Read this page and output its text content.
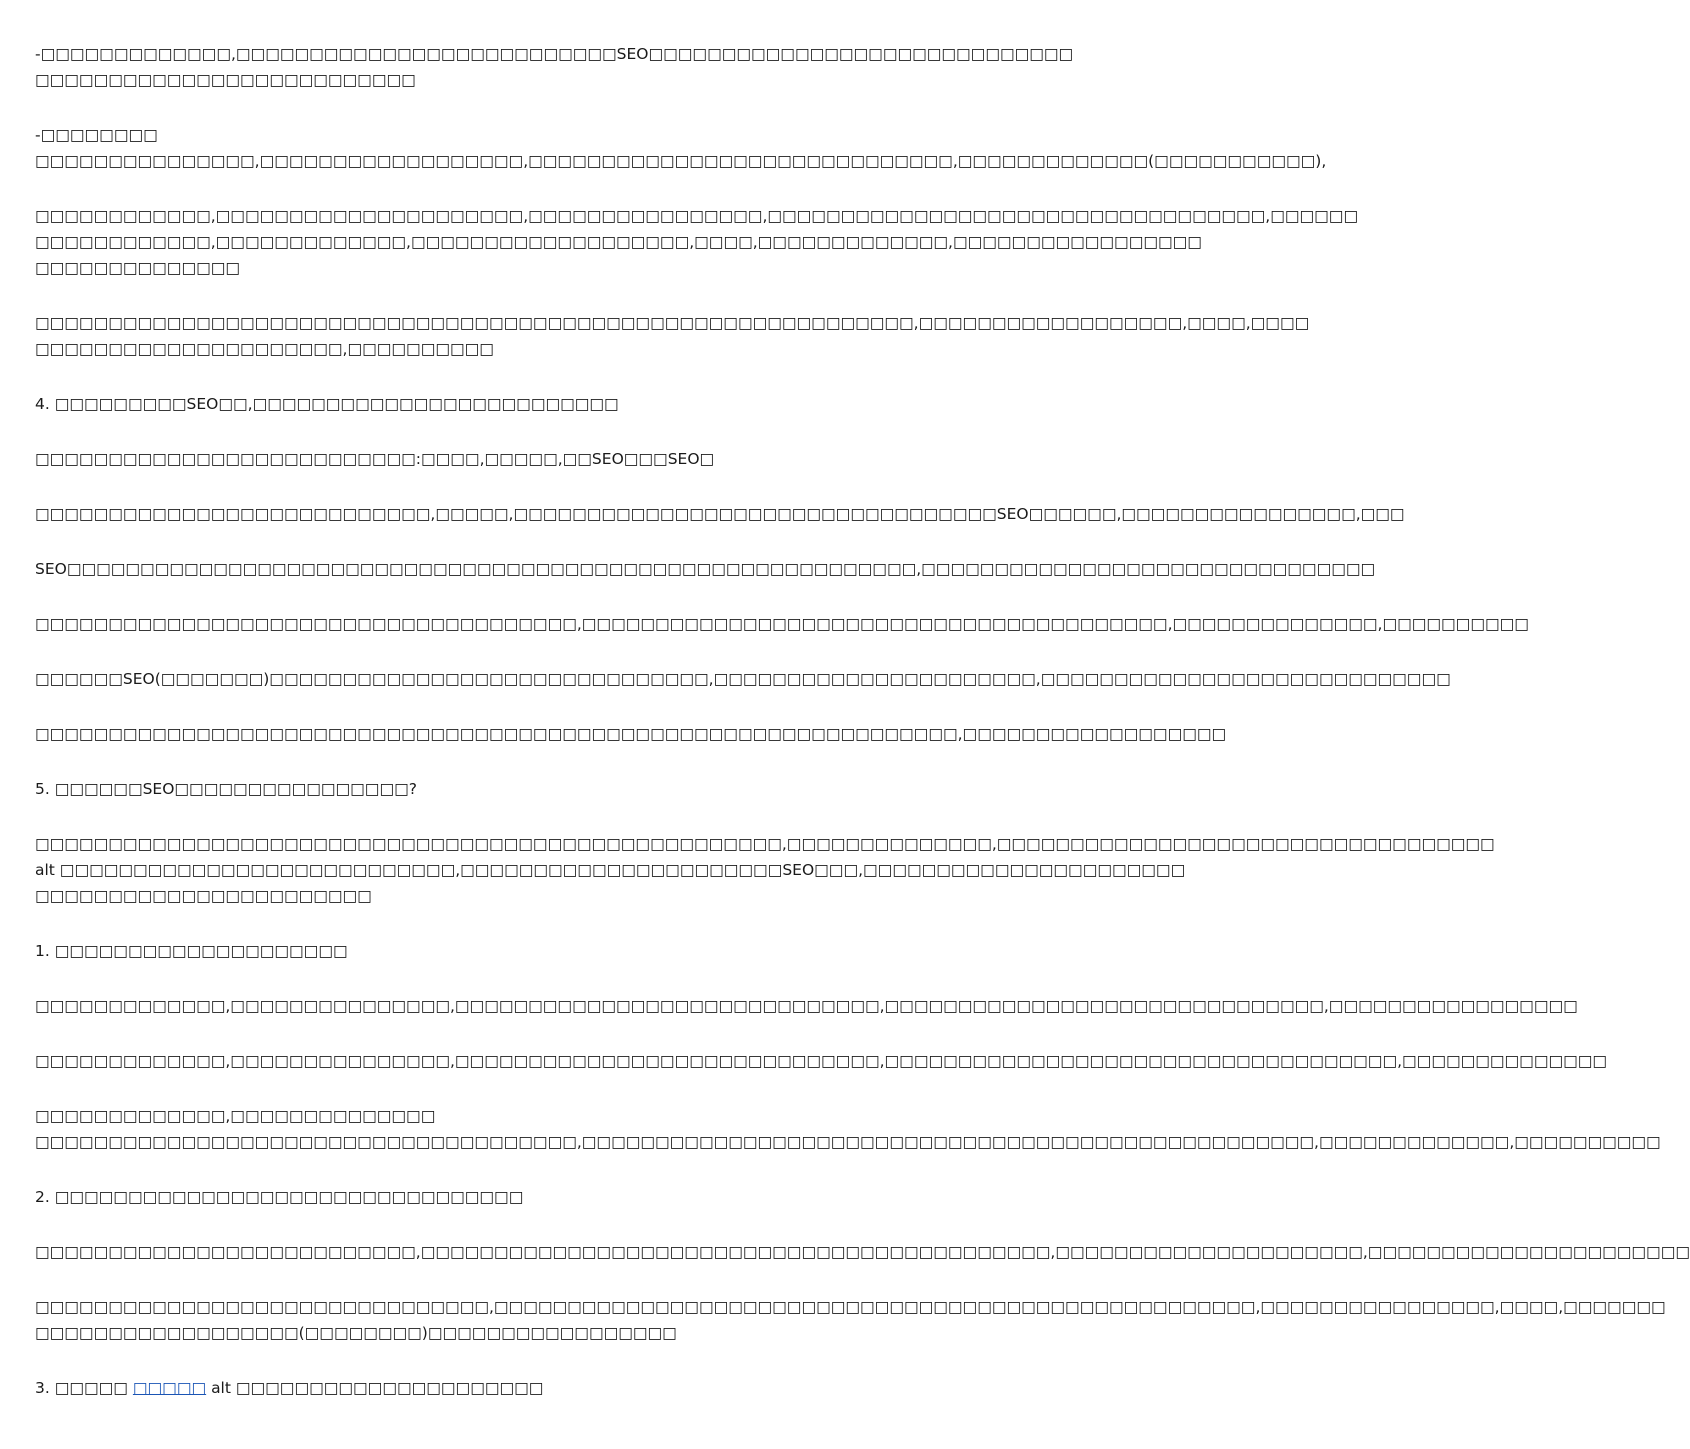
-□□□□□□□□□□□□□,□□□□□□□□□□□□□□□□□□□□□□□□□□SEO□□□□□□□□□□□□□□□□□□□□□□□□□□□□□
□□□□□□□□□□□□□□□□□□□□□□□□□□

-□□□□□□□□
□□□□□□□□□□□□□□□,□□□□□□□□□□□□□□□□□□,□□□□□□□□□□□□□□□□□□□□□□□□□□□□□,□□□□□□□□□□□□□(□□□□□□□□□□□),

□□□□□□□□□□□□,□□□□□□□□□□□□□□□□□□□□□,□□□□□□□□□□□□□□□□,□□□□□□□□□□□□□□□□□□□□□□□□□□□□□□□□□□,□□□□□□
□□□□□□□□□□□□,□□□□□□□□□□□□□,□□□□□□□□□□□□□□□□□□□,□□□□,□□□□□□□□□□□□□,□□□□□□□□□□□□□□□□□
□□□□□□□□□□□□□□

□□□□□□□□□□□□□□□□□□□□□□□□□□□□□□□□□□□□□□□□□□□□□□□□□□□□□□□□□□□□,□□□□□□□□□□□□□□□□□□,□□□□,□□□□
□□□□□□□□□□□□□□□□□□□□□,□□□□□□□□□□

4. □□□□□□□□□SEO□□,□□□□□□□□□□□□□□□□□□□□□□□□□

□□□□□□□□□□□□□□□□□□□□□□□□□□:□□□□,□□□□□,□□SEO□□□SEO□

□□□□□□□□□□□□□□□□□□□□□□□□□□□,□□□□□,□□□□□□□□□□□□□□□□□□□□□□□□□□□□□□□□□SEO□□□□□□,□□□□□□□□□□□□□□□□,□□□

SEO□□□□□□□□□□□□□□□□□□□□□□□□□□□□□□□□□□□□□□□□□□□□□□□□□□□□□□□□□□,□□□□□□□□□□□□□□□□□□□□□□□□□□□□□□□

□□□□□□□□□□□□□□□□□□□□□□□□□□□□□□□□□□□□□,□□□□□□□□□□□□□□□□□□□□□□□□□□□□□□□□□□□□□□□□,□□□□□□□□□□□□□□,□□□□□□□□□□

□□□□□□SEO(□□□□□□□)□□□□□□□□□□□□□□□□□□□□□□□□□□□□□□,□□□□□□□□□□□□□□□□□□□□□□,□□□□□□□□□□□□□□□□□□□□□□□□□□□□

□□□□□□□□□□□□□□□□□□□□□□□□□□□□□□□□□□□□□□□□□□□□□□□□□□□□□□□□□□□□□□□,□□□□□□□□□□□□□□□□□□

5. □□□□□□SEO□□□□□□□□□□□□□□□□?

□□□□□□□□□□□□□□□□□□□□□□□□□□□□□□□□□□□□□□□□□□□□□□□□□□□,□□□□□□□□□□□□□□,□□□□□□□□□□□□□□□□□□□□□□□□□□□□□□□□□□
alt □□□□□□□□□□□□□□□□□□□□□□□□□□□,□□□□□□□□□□□□□□□□□□□□□□SEO□□□,□□□□□□□□□□□□□□□□□□□□□□
□□□□□□□□□□□□□□□□□□□□□□□

1. □□□□□□□□□□□□□□□□□□□□

□□□□□□□□□□□□□,□□□□□□□□□□□□□□□,□□□□□□□□□□□□□□□□□□□□□□□□□□□□□,□□□□□□□□□□□□□□□□□□□□□□□□□□□□□□,□□□□□□□□□□□□□□□□□

□□□□□□□□□□□□□,□□□□□□□□□□□□□□□,□□□□□□□□□□□□□□□□□□□□□□□□□□□□□,□□□□□□□□□□□□□□□□□□□□□□□□□□□□□□□□□□□,□□□□□□□□□□□□□□

□□□□□□□□□□□□□,□□□□□□□□□□□□□□
□□□□□□□□□□□□□□□□□□□□□□□□□□□□□□□□□□□□□,□□□□□□□□□□□□□□□□□□□□□□□□□□□□□□□□□□□□□□□□□□□□□□□□□□,□□□□□□□□□□□□□,□□□□□□□□□□

2. □□□□□□□□□□□□□□□□□□□□□□□□□□□□□□□□

□□□□□□□□□□□□□□□□□□□□□□□□□□,□□□□□□□□□□□□□□□□□□□□□□□□□□□□□□□□□□□□□□□□□□□,□□□□□□□□□□□□□□□□□□□□□,□□□□□□□□□□□□□□□□□□□□□□

□□□□□□□□□□□□□□□□□□□□□□□□□□□□□□□,□□□□□□□□□□□□□□□□□□□□□□□□□□□□□□□□□□□□□□□□□□□□□□□□□□□□,□□□□□□□□□□□□□□□□,□□□□,□□□□□□□
□□□□□□□□□□□□□□□□□□(□□□□□□□□)□□□□□□□□□□□□□□□□□

3. □□□□□ □□□□□ alt □□□□□□□□□□□□□□□□□□□□□
